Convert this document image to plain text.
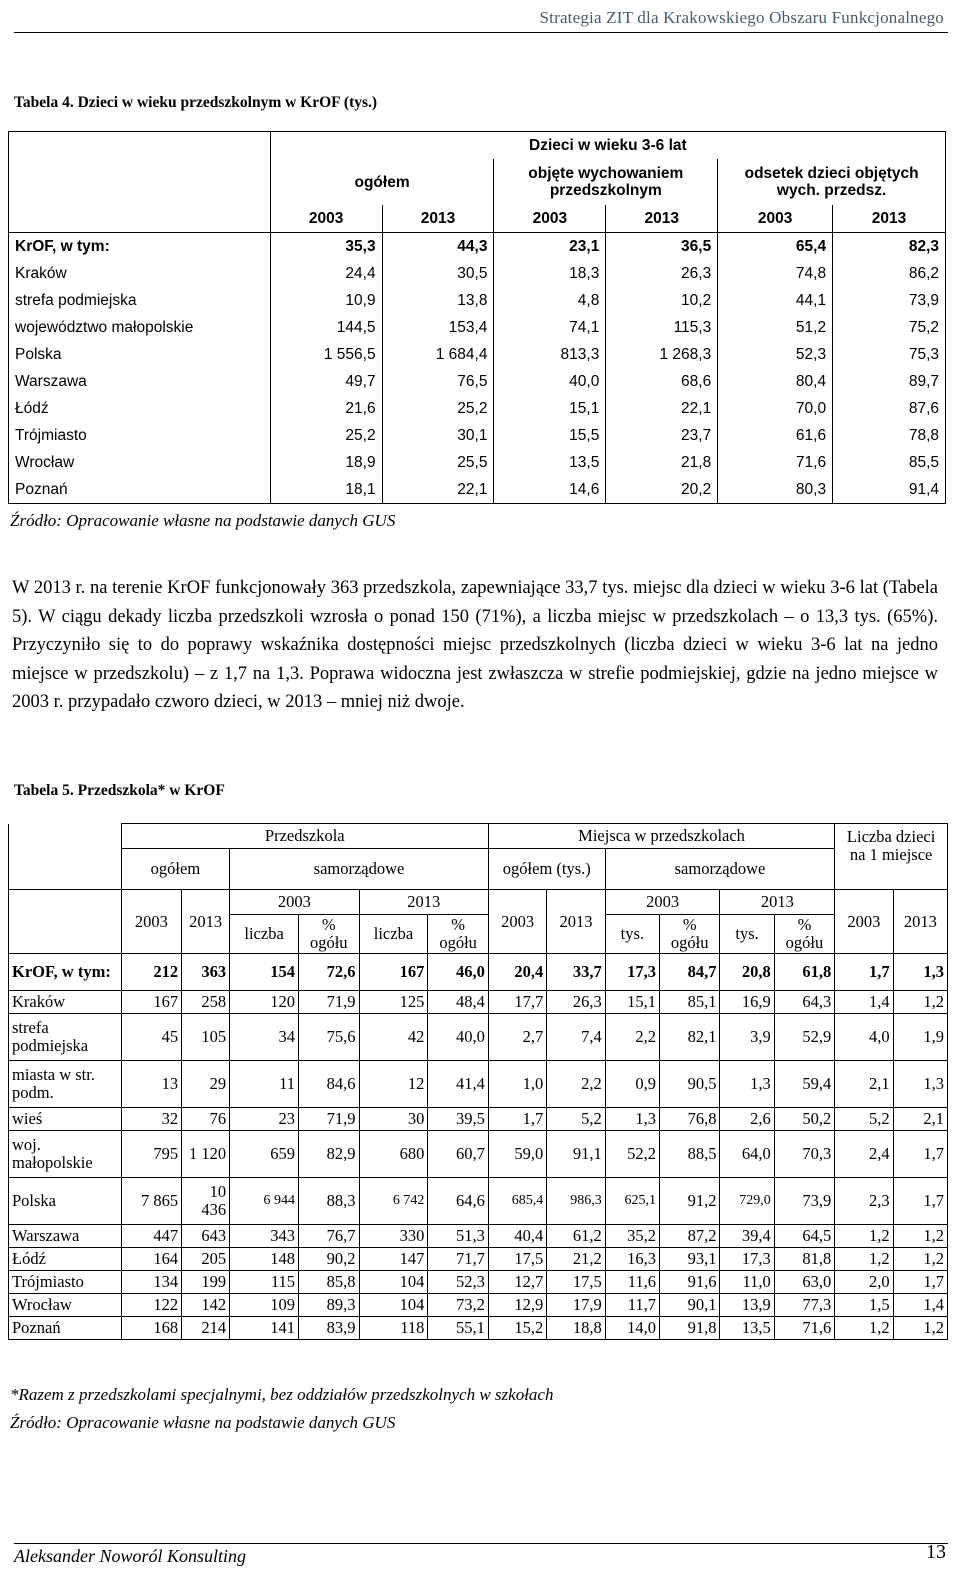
Strategia ZIT dla Krakowskiego Obszaru Funkcjonalnego
Tabela 4. Dzieci w wieku przedszkolnym w KrOF (tys.)
	Dzieci w wieku 3-6 lat					
	ogółem		objęte wychowaniem przedszkolnym		odsetek dzieci objętych wych. przedsz.	
	2003	2013	2003	2013	2003	2013
KrOF, w tym:	35,3	44,3	23,1	36,5	65,4	82,3
Kraków	24,4	30,5	18,3	26,3	74,8	86,2
strefa podmiejska	10,9	13,8	4,8	10,2	44,1	73,9
województwo małopolskie	144,5	153,4	74,1	115,3	51,2	75,2
Polska	1 556,5	1 684,4	813,3	1 268,3	52,3	75,3
Warszawa	49,7	76,5	40,0	68,6	80,4	89,7
Łódź	21,6	25,2	15,1	22,1	70,0	87,6
Trójmiasto	25,2	30,1	15,5	23,7	61,6	78,8
Wrocław	18,9	25,5	13,5	21,8	71,6	85,5
Poznań	18,1	22,1	14,6	20,2	80,3	91,4
Źródło: Opracowanie własne na podstawie danych GUS
W 2013 r. na terenie KrOF funkcjonowały 363 przedszkola, zapewniające 33,7 tys. miejsc dla dzieci w wieku 3-6 lat (Tabela 5). W ciągu dekady liczba przedszkoli wzrosła o ponad 150 (71%), a liczba miejsc w przedszkolach – o 13,3 tys. (65%). Przyczyniło się to do poprawy wskaźnika dostępności miejsc przedszkolnych (liczba dzieci w wieku 3-6 lat na jedno miejsce w przedszkolu) – z 1,7 na 1,3. Poprawa widoczna jest zwłaszcza w strefie podmiejskiej, gdzie na jedno miejsce w 2003 r. przypadało czworo dzieci, w 2013 – mniej niż dwoje.
Tabela 5. Przedszkola* w KrOF
	Przedszkola						Miejsca w przedszkolach						Liczba dzieci na 1 miejsce	
	ogółem		samorządowe				ogółem (tys.)		samorządowe					

	2003	2013	2003		2013		2003	2013	2003		2013		2003	2013
			liczba	% ogółu	liczba	% ogółu			tys.	% ogółu	tys.	% ogółu		
KrOF, w tym:	212	363	154	72,6	167	46,0	20,4	33,7	17,3	84,7	20,8	61,8	1,7	1,3
Kraków	167	258	120	71,9	125	48,4	17,7	26,3	15,1	85,1	16,9	64,3	1,4	1,2
strefa podmiejska	45	105	34	75,6	42	40,0	2,7	7,4	2,2	82,1	3,9	52,9	4,0	1,9
miasta w str. podm.	13	29	11	84,6	12	41,4	1,0	2,2	0,9	90,5	1,3	59,4	2,1	1,3
wieś	32	76	23	71,9	30	39,5	1,7	5,2	1,3	76,8	2,6	50,2	5,2	2,1
woj. małopolskie	795	1 120	659	82,9	680	60,7	59,0	91,1	52,2	88,5	64,0	70,3	2,4	1,7
Polska	7 865	10 436	6 944	88,3	6 742	64,6	685,4	986,3	625,1	91,2	729,0	73,9	2,3	1,7
Warszawa	447	643	343	76,7	330	51,3	40,4	61,2	35,2	87,2	39,4	64,5	1,2	1,2
Łódź	164	205	148	90,2	147	71,7	17,5	21,2	16,3	93,1	17,3	81,8	1,2	1,2
Trójmiasto	134	199	115	85,8	104	52,3	12,7	17,5	11,6	91,6	11,0	63,0	2,0	1,7
Wrocław	122	142	109	89,3	104	73,2	12,9	17,9	11,7	90,1	13,9	77,3	1,5	1,4
Poznań	168	214	141	83,9	118	55,1	15,2	18,8	14,0	91,8	13,5	71,6	1,2	1,2
*Razem z przedszkolami specjalnymi, bez oddziałów przedszkolnych w szkołach
Źródło: Opracowanie własne na podstawie danych GUS
Aleksander Noworól Konsulting	13
